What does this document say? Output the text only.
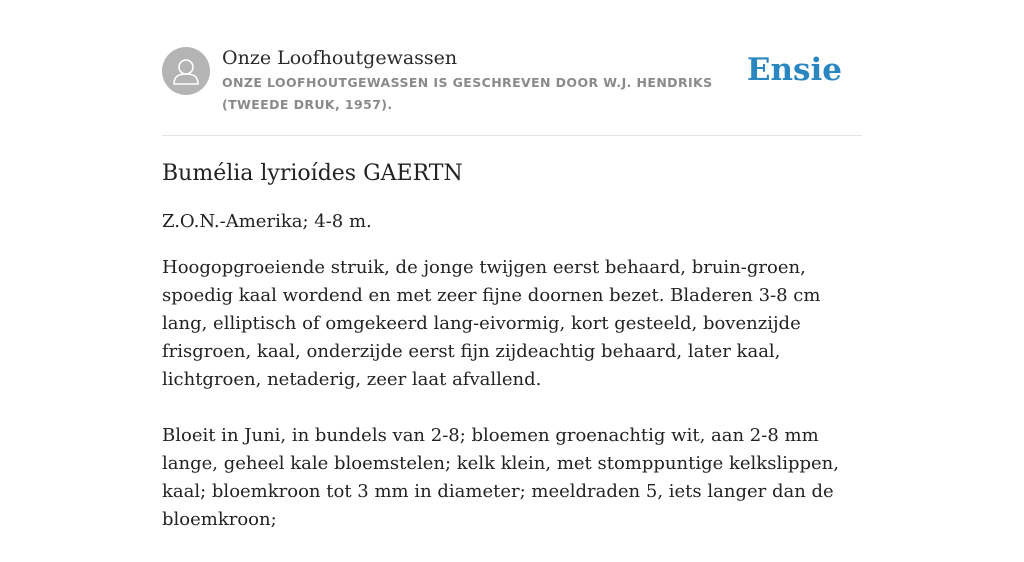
Onze Loofhoutgewassen
ONZE LOOFHOUTGEWASSEN IS GESCHREVEN DOOR W.J. HENDRIKS (TWEEDE DRUK, 1957).
Ensie
Bumélia lyrioídes GAERTN

Z.O.N.-Amerika; 4-8 m.

Hoogopgroeiende struik, de jonge twijgen eerst behaard, bruin-groen, spoedig kaal wordend en met zeer fijne doornen bezet. Bladeren 3-8 cm lang, elliptisch of omgekeerd lang-eivormig, kort gesteeld, bovenzijde frisgroen, kaal, onderzijde eerst fijn zijdeachtig behaard, later kaal, lichtgroen, netaderig, zeer laat afvallend.

Bloeit in Juni, in bundels van 2-8; bloemen groenachtig wit, aan 2-8 mm lange, geheel kale bloemstelen; kelk klein, met stomppuntige kelkslippen, kaal; bloemkroon tot 3 mm in diameter; meeldraden 5, iets langer dan de bloemkroon;
